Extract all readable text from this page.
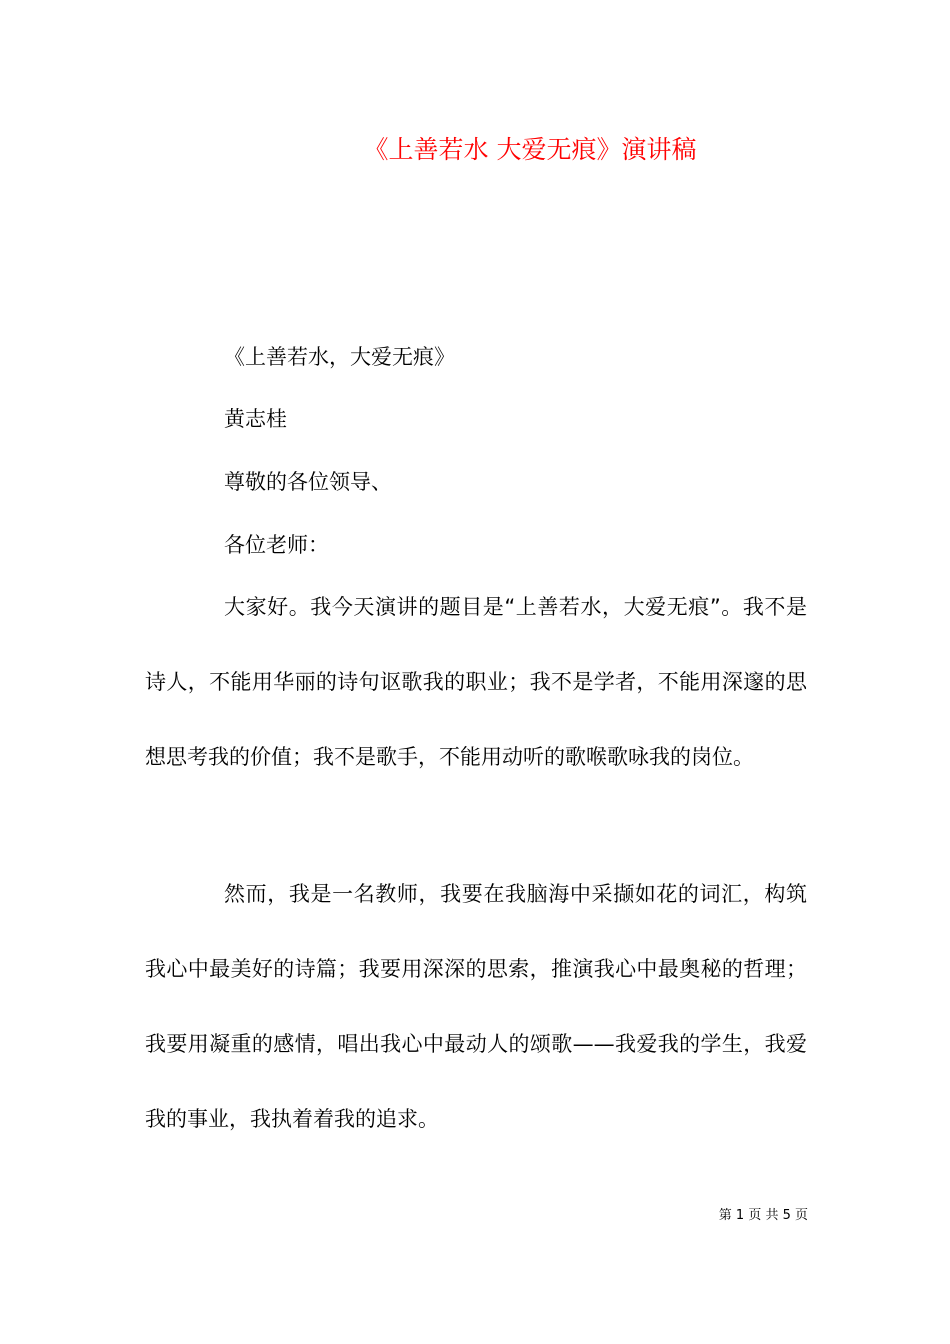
《上善若水 大爱无痕》演讲稿
《上善若水，大爱无痕》
黄志桂
尊敬的各位领导、
各位老师：
大家好。我今天演讲的题目是“上善若水，大爱无痕”。我不是诗人，不能用华丽的诗句讴歌我的职业；我不是学者，不能用深邃的思想思考我的价值；我不是歌手，不能用动听的歌喉歌咏我的岗位。
然而，我是一名教师，我要在我脑海中采撷如花的词汇，构筑我心中最美好的诗篇；我要用深深的思索，推演我心中最奥秘的哲理；我要用凝重的感情，唱出我心中最动人的颂歌——我爱我的学生，我爱我的事业，我执着着我的追求。
第 1 页 共 5 页
